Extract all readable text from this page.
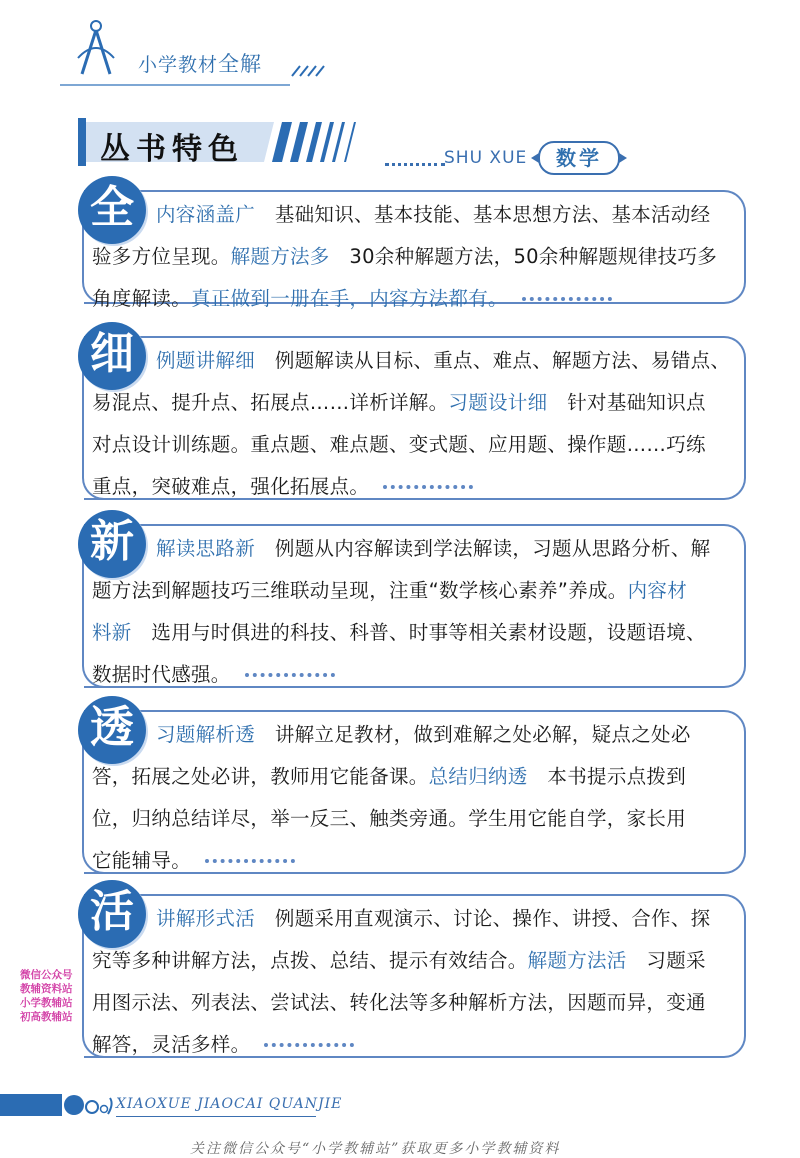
小学教材全解
丛书特色	SHU XUE	数学
全	内容涵盖广　基础知识、基本技能、基本思想方法、基本活动经
验多方位呈现。解题方法多　30余种解题方法，50余种解题规律技巧多
角度解读。真正做到一册在手，内容方法都有。
细	例题讲解细　例题解读从目标、重点、难点、解题方法、易错点、
易混点、提升点、拓展点……详析详解。习题设计细　针对基础知识点
对点设计训练题。重点题、难点题、变式题、应用题、操作题……巧练
重点，突破难点，强化拓展点。
新	解读思路新　例题从内容解读到学法解读，习题从思路分析、解
题方法到解题技巧三维联动呈现，注重“数学核心素养”养成。内容材
料新　选用与时俱进的科技、科普、时事等相关素材设题，设题语境、
数据时代感强。
透	习题解析透　讲解立足教材，做到难解之处必解，疑点之处必
答，拓展之处必讲，教师用它能备课。总结归纳透　本书提示点拨到
位，归纳总结详尽，举一反三、触类旁通。学生用它能自学，家长用
它能辅导。
活	讲解形式活　例题采用直观演示、讨论、操作、讲授、合作、探
究等多种讲解方法，点拨、总结、提示有效结合。解题方法活　习题采
用图示法、列表法、尝试法、转化法等多种解析方法，因题而异，变通
解答，灵活多样。
微信公众号
教辅资料站
小学教辅站
初高教辅站
XIAOXUE JIAOCAI QUANJIE
关注微信公众号“小学教辅站”获取更多小学教辅资料
